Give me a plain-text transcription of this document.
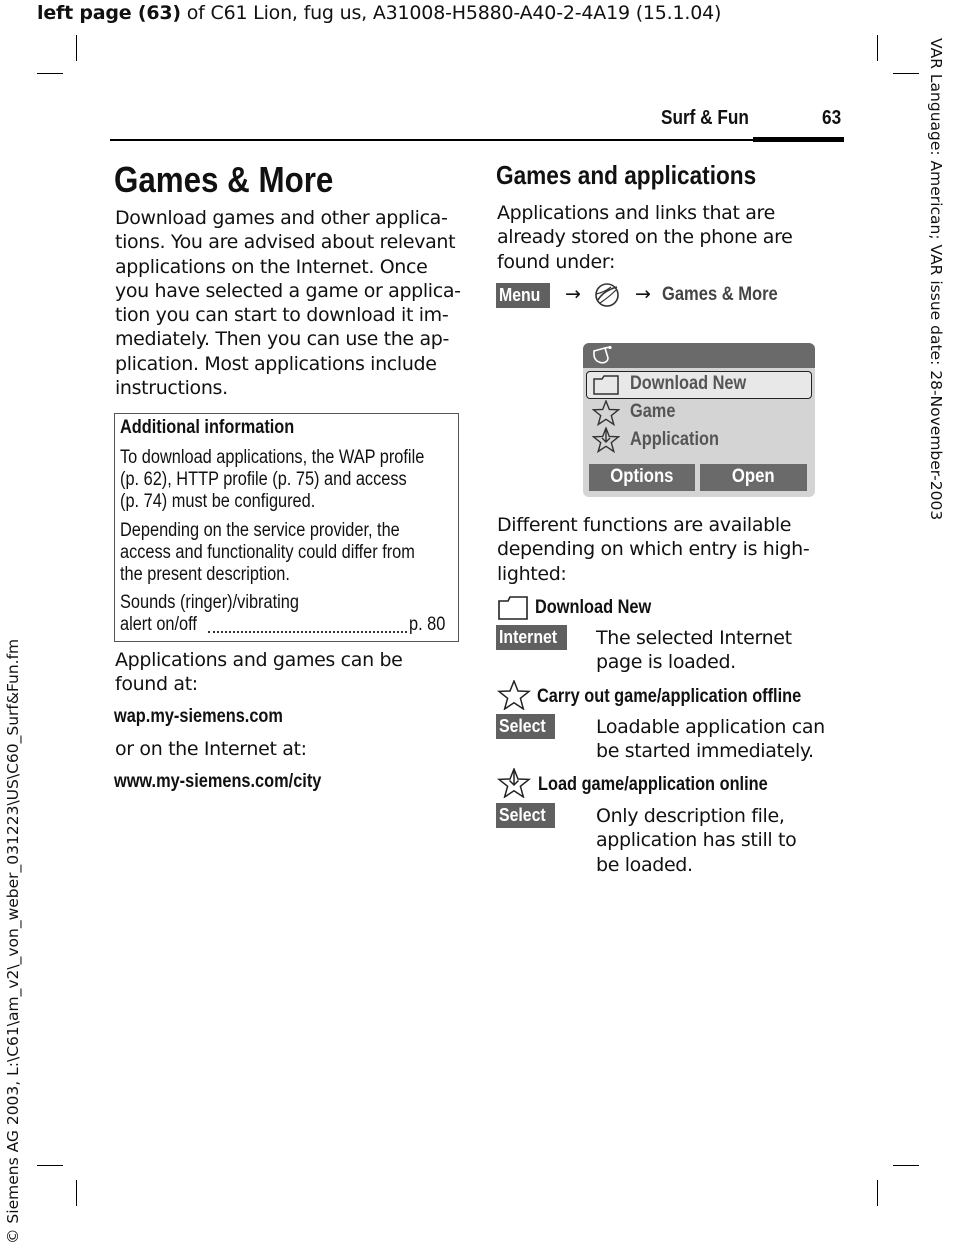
left page (63) of C61 Lion, fug us, A31008-H5880-A40-2-4A19 (15.1.04)
VAR Language: American; VAR issue date: 28-November-2003
© Siemens AG 2003, L:\C61\am_v2\_von_weber_031223\US\C60_Surf&Fun.fm
Surf & Fun	63
Games & More
Download games and other applica-
tions. You are advised about relevant
applications on the Internet. Once
you have selected a game or applica-
tion you can start to download it im-
mediately. Then you can use the ap-
plication. Most applications include
instructions.
Additional information
To download applications, the WAP profile
(p. 62), HTTP profile (p. 75) and access
(p. 74) must be configured.
Depending on the service provider, the
access and functionality could differ from
the present description.
Sounds (ringer)/vibrating
alert on/off	p. 80
Applications and games can be
found at:
wap.my-siemens.com
or on the Internet at:
www.my-siemens.com/city
Games and applications
Applications and links that are
already stored on the phone are
found under:
Menu	→	→ Games & More
Download New
Game
Application
Options	Open
Different functions are available
depending on which entry is high-
lighted:
Download New
Internet	The selected Internet
page is loaded.
Carry out game/application offline
Select	Loadable application can
be started immediately.
Load game/application online
Select	Only description file,
application has still to
be loaded.
